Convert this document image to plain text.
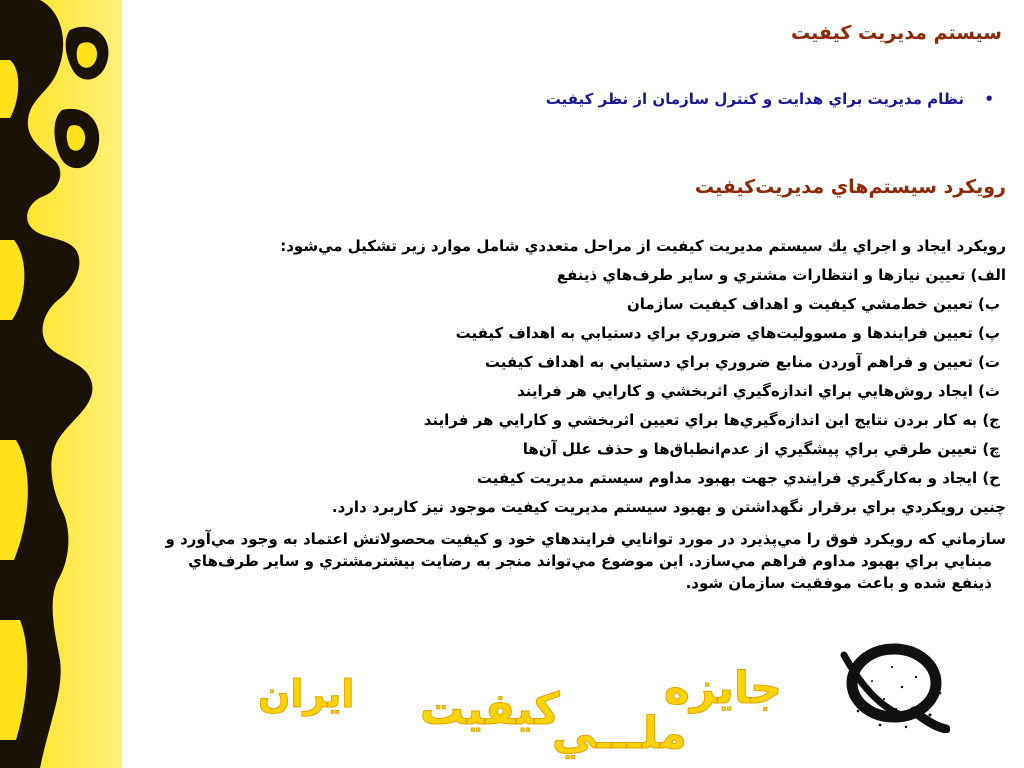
سيستم مديريت كيفيت
•
نظام مديريت براي هدايت و كنترل سازمان از نظر كيفيت
رويكرد سيستم‌هاي مديريت‌كيفيت
رويكرد ايجاد و اجراي يك سيستم مديريت كيفيت از مراحل متعددي شامل موارد زير تشكيل مي‌شود:
الف) تعيين نيازها و انتظارات مشتري و ساير طرف‌هاي ذينفع
ب) تعيين خط‌مشي كيفيت و اهداف كيفيت سازمان
پ) تعيين فرايندها و مسووليت‌هاي ضروري براي دستيابي به اهداف كيفيت
ت) تعيين و فراهم آوردن منابع ضروري براي دستيابي به اهداف كيفيت
ث) ايجاد روش‌هايي براي اندازه‌گيري اثربخشي و كارايي هر فرايند
ج) به كار بردن نتايج اين اندازه‌گيري‌ها براي تعيين اثربخشي و كارايي هر فرايند
چ) تعيين طرقي براي پيشگيري از عدم‌انطباق‌ها و حذف علل آن‌ها
ح) ايجاد و به‌كارگيري فرايندي جهت بهبود مداوم سيستم مديريت كيفيت
چنين رويكردي براي برقرار نگهداشتن و بهبود سيستم مديريت كيفيت موجود نيز كاربرد دارد.
سازماني كه رويكرد فوق را مي‌پذيرد در مورد توانايي فرايندهاي خود و كيفيت محصولاتش اعتماد به وجود مي‌آورد و
مبنايي براي بهبود مداوم فراهم مي‌سازد. اين موضوع مي‌تواند منجر به رضايت بيشترمشتري و ساير طرف‌هاي
ذينفع شده و باعث موفقيت سازمان شود.
جايزه
كيفيت
ملـــي
ايران
